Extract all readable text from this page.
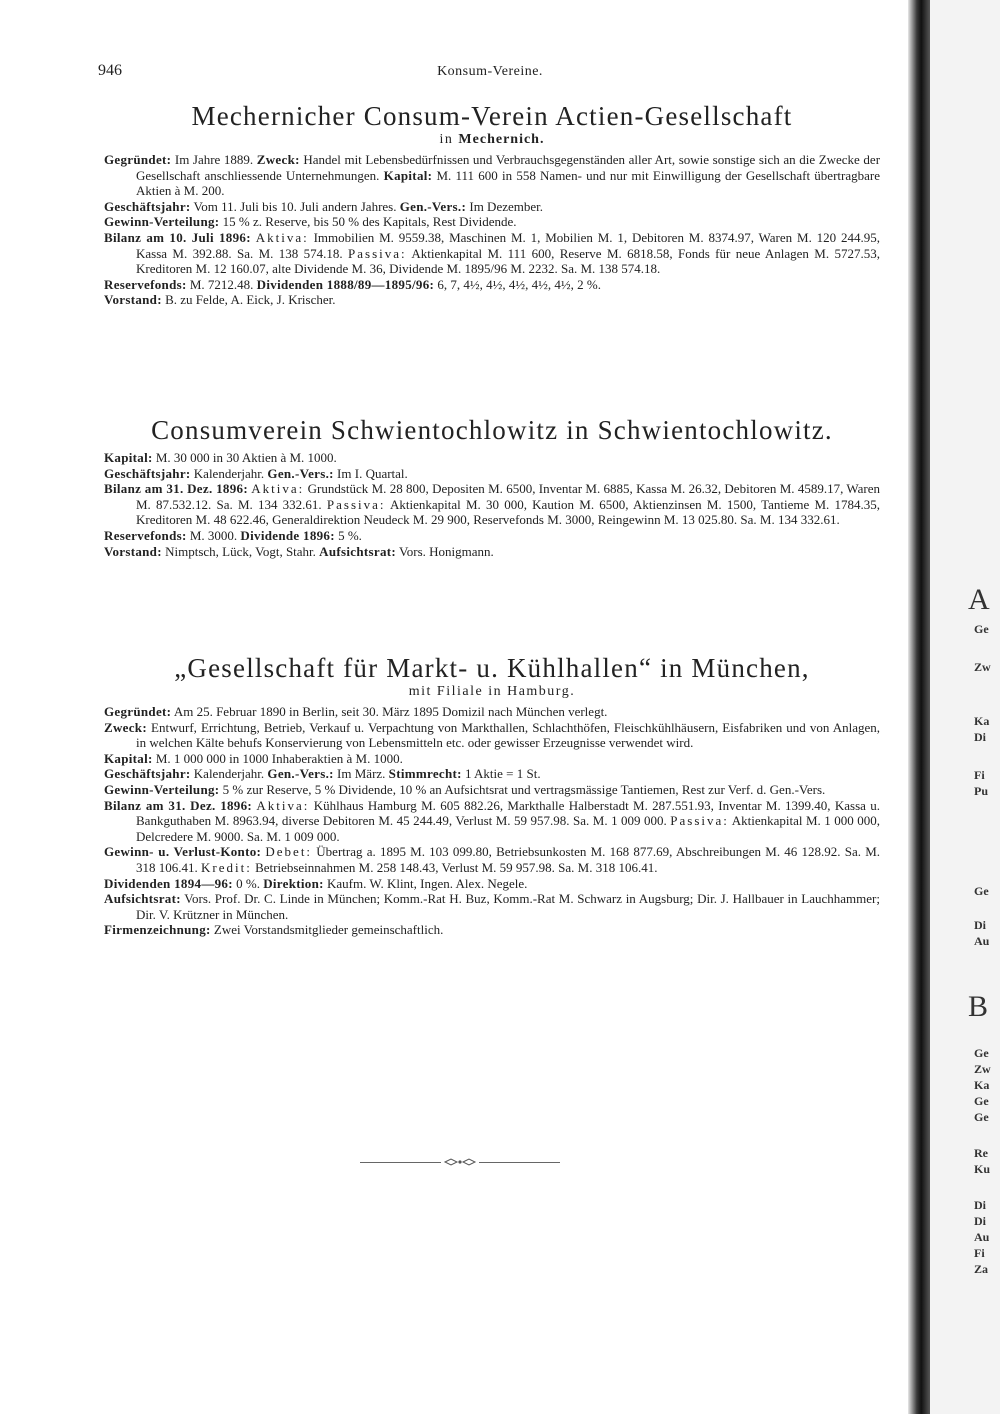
A
Ge
Zw
Ka
Di
Fi
Pu
Ge
Di
Au
B
Ge
Zw
Ka
Ge
Ge
Re
Ku
Di
Di
Au
Fi
Za
946	Konsum-Vereine.
Mechernicher Consum-Verein Actien-Gesellschaft
in Mechernich.

Gegründet: Im Jahre 1889. Zweck: Handel mit Lebensbedürfnissen und Verbrauchsgegenständen aller Art, sowie sonstige sich an die Zwecke der Gesellschaft anschliessende Unternehmungen. Kapital: M. 111 600 in 558 Namen- und nur mit Einwilligung der Gesellschaft übertragbare Aktien à M. 200.

Geschäftsjahr: Vom 11. Juli bis 10. Juli andern Jahres. Gen.-Vers.: Im Dezember.

Gewinn-Verteilung: 15 % z. Reserve, bis 50 % des Kapitals, Rest Dividende.

Bilanz am 10. Juli 1896: Aktiva: Immobilien M. 9559.38, Maschinen M. 1, Mobilien M. 1, Debitoren M. 8374.97, Waren M. 120 244.95, Kassa M. 392.88. Sa. M. 138 574.18. Passiva: Aktienkapital M. 111 600, Reserve M. 6818.58, Fonds für neue Anlagen M. 5727.53, Kreditoren M. 12 160.07, alte Dividende M. 36, Dividende M. 1895/96 M. 2232. Sa. M. 138 574.18.

Reservefonds: M. 7212.48. Dividenden 1888/89—1895/96: 6, 7, 4½, 4½, 4½, 4½, 4½, 2 %.

Vorstand: B. zu Felde, A. Eick, J. Krischer.

Consumverein Schwientochlowitz in Schwientochlowitz.

Kapital: M. 30 000 in 30 Aktien à M. 1000.

Geschäftsjahr: Kalenderjahr. Gen.-Vers.: Im I. Quartal.

Bilanz am 31. Dez. 1896: Aktiva: Grundstück M. 28 800, Depositen M. 6500, Inventar M. 6885, Kassa M. 26.32, Debitoren M. 4589.17, Waren M. 87.532.12. Sa. M. 134 332.61. Passiva: Aktienkapital M. 30 000, Kaution M. 6500, Aktienzinsen M. 1500, Tantieme M. 1784.35, Kreditoren M. 48 622.46, Generaldirektion Neudeck M. 29 900, Reservefonds M. 3000, Reingewinn M. 13 025.80. Sa. M. 134 332.61.

Reservefonds: M. 3000. Dividende 1896: 5 %.

Vorstand: Nimptsch, Lück, Vogt, Stahr. Aufsichtsrat: Vors. Honigmann.

„Gesellschaft für Markt- u. Kühlhallen“ in München,
mit Filiale in Hamburg.

Gegründet: Am 25. Februar 1890 in Berlin, seit 30. März 1895 Domizil nach München verlegt.

Zweck: Entwurf, Errichtung, Betrieb, Verkauf u. Verpachtung von Markthallen, Schlachthöfen, Fleischkühlhäusern, Eisfabriken und von Anlagen, in welchen Kälte behufs Konservierung von Lebensmitteln etc. oder gewisser Erzeugnisse verwendet wird.

Kapital: M. 1 000 000 in 1000 Inhaberaktien à M. 1000.

Geschäftsjahr: Kalenderjahr. Gen.-Vers.: Im März. Stimmrecht: 1 Aktie = 1 St.

Gewinn-Verteilung: 5 % zur Reserve, 5 % Dividende, 10 % an Aufsichtsrat und vertragsmässige Tantiemen, Rest zur Verf. d. Gen.-Vers.

Bilanz am 31. Dez. 1896: Aktiva: Kühlhaus Hamburg M. 605 882.26, Markthalle Halberstadt M. 287.551.93, Inventar M. 1399.40, Kassa u. Bankguthaben M. 8963.94, diverse Debitoren M. 45 244.49, Verlust M. 59 957.98. Sa. M. 1 009 000. Passiva: Aktienkapital M. 1 000 000, Delcredere M. 9000. Sa. M. 1 009 000.

Gewinn- u. Verlust-Konto: Debet: Übertrag a. 1895 M. 103 099.80, Betriebsunkosten M. 168 877.69, Abschreibungen M. 46 128.92. Sa. M. 318 106.41. Kredit: Betriebseinnahmen M. 258 148.43, Verlust M. 59 957.98. Sa. M. 318 106.41.

Dividenden 1894—96: 0 %. Direktion: Kaufm. W. Klint, Ingen. Alex. Negele.

Aufsichtsrat: Vors. Prof. Dr. C. Linde in München; Komm.-Rat H. Buz, Komm.-Rat M. Schwarz in Augsburg; Dir. J. Hallbauer in Lauchhammer; Dir. V. Krützner in München.

Firmenzeichnung: Zwei Vorstandsmitglieder gemeinschaftlich.
